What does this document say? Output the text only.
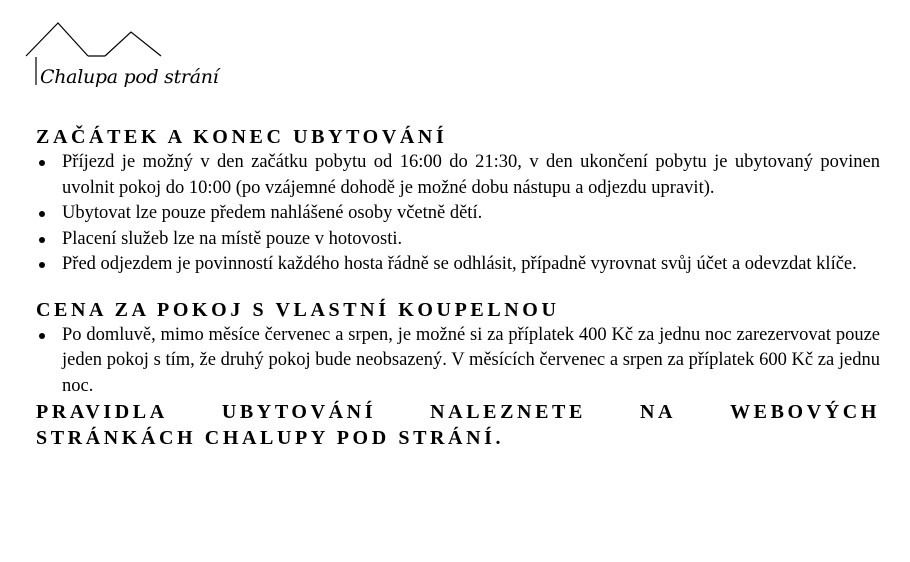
Chalupa pod strání
ZAČÁTEK A KONEC UBYTOVÁNÍ
Příjezd je možný v den začátku pobytu od 16:00 do 21:30, v den ukončení pobytu je ubytovaný povinen uvolnit pokoj do 10:00 (po vzájemné dohodě je možné dobu nástupu a odjezdu upravit).
Ubytovat lze pouze předem nahlášené osoby včetně dětí.
Placení služeb lze na místě pouze v hotovosti.
Před odjezdem je povinností každého hosta řádně se odhlásit, případně vyrovnat svůj účet a odevzdat klíče.
CENA ZA POKOJ S VLASTNÍ KOUPELNOU
Po domluvě, mimo měsíce červenec a srpen, je možné si za příplatek 400 Kč za jednu noc zarezervovat pouze jeden pokoj s tím, že druhý pokoj bude neobsazený. V měsících červenec a srpen za příplatek 600 Kč za jednu noc.
PRAVIDLA	UBYTOVÁNÍ	NALEZNETE	NA	WEBOVÝCH
STRÁNKÁCH CHALUPY POD STRÁNÍ.
